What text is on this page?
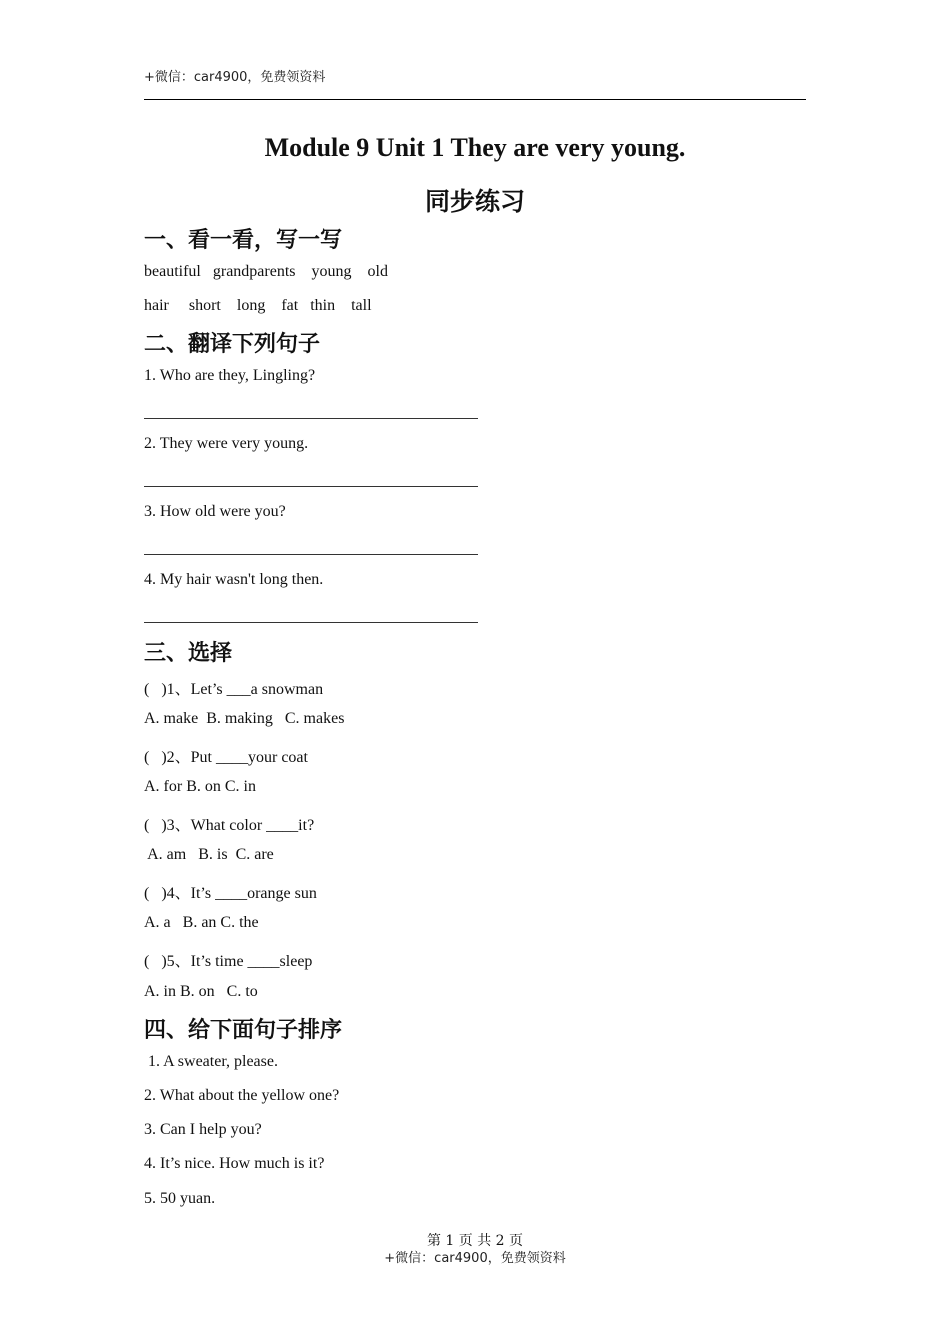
+微信：car4900，免费领资料
Module 9 Unit 1 They are very young.
同步练习
一、看一看，写一写
beautiful   grandparents    young    old
hair     short    long    fat   thin    tall
二、翻译下列句子
1. Who are they, Lingling?
2. They were very young.
3. How old were you?
4. My hair wasn't long then.
三、选择
(   )1、Let’s ___a snowman
A. make  B. making   C. makes
(   )2、Put ____your coat
A. for B. on C. in
(   )3、What color ____it?
A. am   B. is  C. are
(   )4、It’s ____orange sun
A. a   B. an C. the
(   )5、It’s time ____sleep
A. in B. on   C. to
四、给下面句子排序
1. A sweater, please.
2. What about the yellow one?
3. Can I help you?
4. It’s nice. How much is it?
5. 50 yuan.
第 1 页 共 2 页
+微信：car4900，免费领资料
